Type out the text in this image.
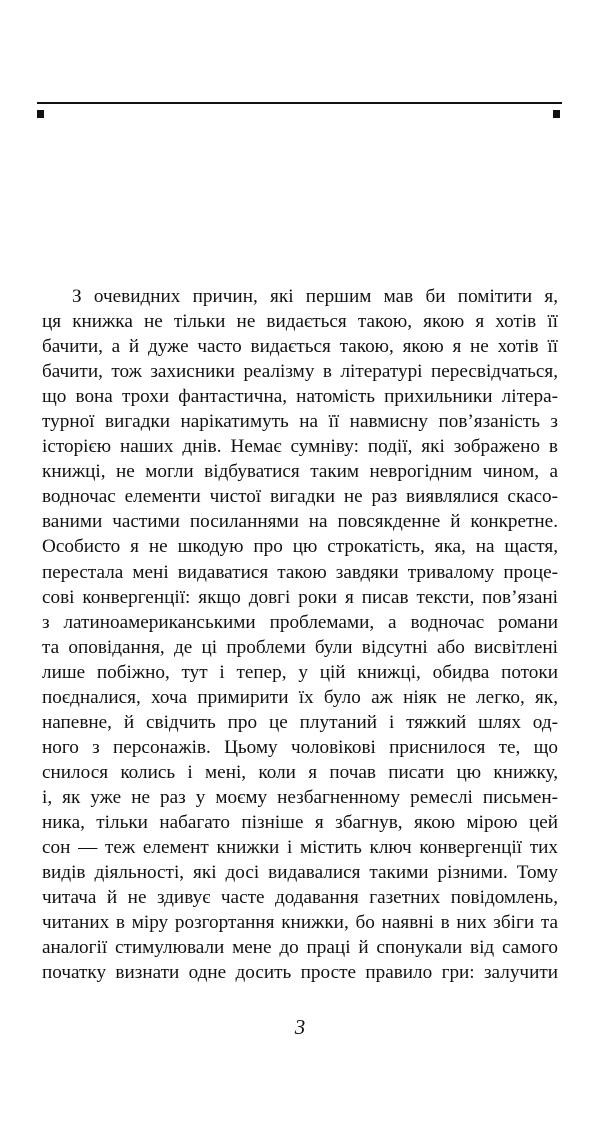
З очевидних причин, які першим мав би помітити я,
ця книжка не тільки не видається такою, якою я хотів її
бачити, а й дуже часто видається такою, якою я не хотів її
бачити, тож захисники реалізму в літературі пересвідчаться,
що вона трохи фантастична, натомість прихильники літера-
турної вигадки нарікатимуть на її навмисну пов’язаність з
історією наших днів. Немає сумніву: події, які зображено в
книжці, не могли відбуватися таким неврогідним чином, а
водночас елементи чистої вигадки не раз виявлялися скасо-
ваними частими посиланнями на повсякденне й конкретне.
Особисто я не шкодую про цю строкатість, яка, на щастя,
перестала мені видаватися такою завдяки тривалому проце-
сові конвергенції: якщо довгі роки я писав тексти, пов’язані
з латиноамериканськими проблемами, а водночас романи
та оповідання, де ці проблеми були відсутні або висвітлені
лише побіжно, тут і тепер, у цій книжці, обидва потоки
поєдналися, хоча примирити їх було аж ніяк не легко, як,
напевне, й свідчить про це плутаний і тяжкий шлях од-
ного з персонажів. Цьому чоловікові приснилося те, що
снилося колись і мені, коли я почав писати цю книжку,
і, як уже не раз у моєму незбагненному ремеслі письмен-
ника, тільки набагато пізніше я збагнув, якою мірою цей
сон — теж елемент книжки і містить ключ конвергенції тих
видів діяльності, які досі видавалися такими різними. Тому
читача й не здивує часте додавання газетних повідомлень,
читаних в міру розгортання книжки, бо наявні в них збіги та
аналогії стимулювали мене до праці й спонукали від самого
початку визнати одне досить просте правило гри: залучити
3
